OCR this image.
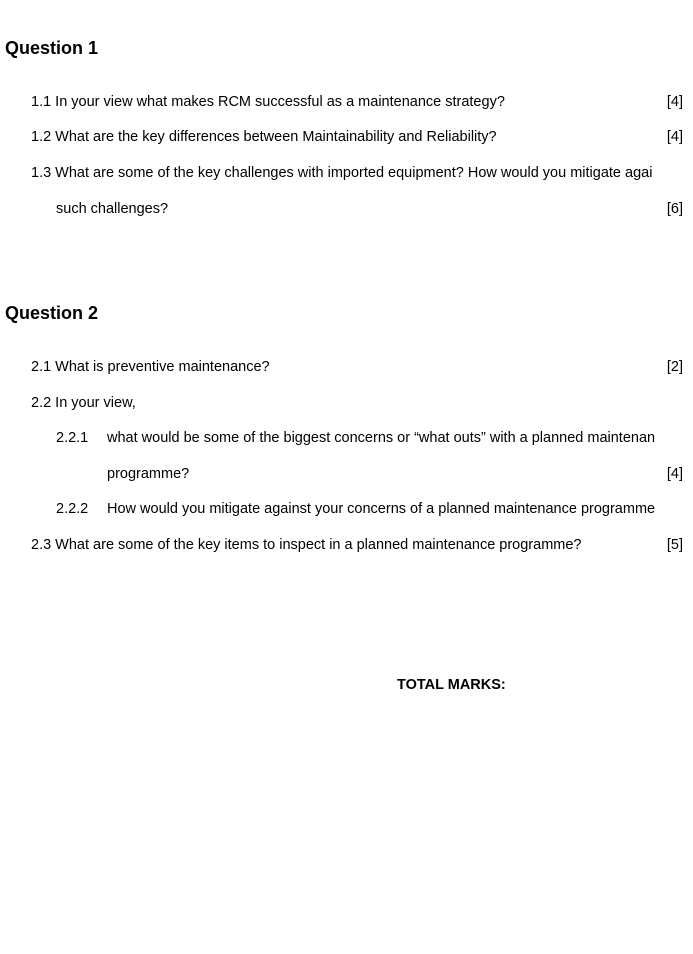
Question 1
1.1 In your view what makes RCM successful as a maintenance strategy?	[4]
1.2 What are the key differences between Maintainability and Reliability?	[4]
1.3 What are some of the key challenges with imported equipment? How would you mitigate agai
such challenges?	[6]
Question 2
2.1 What is preventive maintenance?	[2]
2.2 In your view,
2.2.1 what would be some of the biggest concerns or “what outs” with a planned maintenan
programme?	[4]
2.2.2 How would you mitigate against your concerns of a planned maintenance programme
2.3 What are some of the key items to inspect in a planned maintenance programme?	[5]
TOTAL MARKS:
